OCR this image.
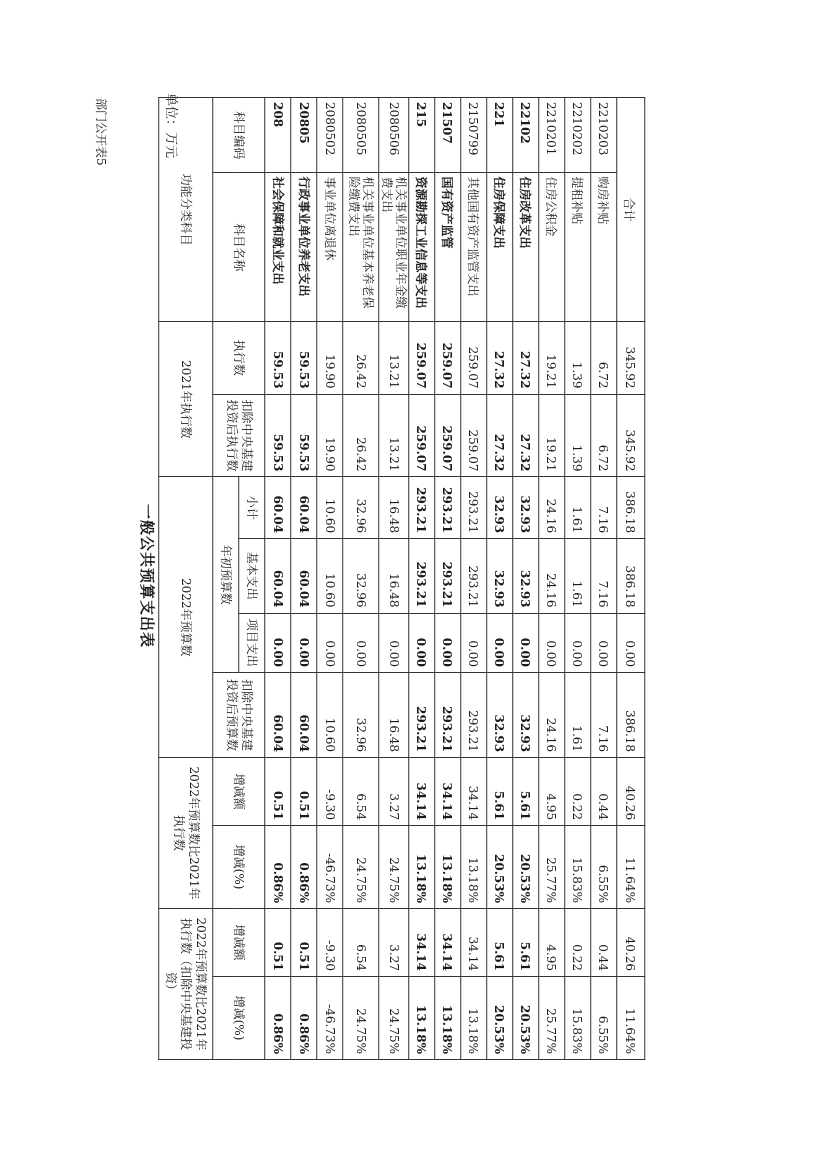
部门公开表5
一般公共预算支出表
单位：万元
功能分类科目		2021年执行数		2022年预算数				2022年预算数比2021年执行数		2022年预算数比2021年执行数（扣除中央基建投资）	
科目编码	科目名称	执行数	扣除中央基建投资后执行数	年初预算数			扣除中央基建投资后预算数	增减额	增减(%)	增减额	增减(%)
				小计	基本支出	项目支出					
208	社会保障和就业支出	59.53	59.53	60.04	60.04	0.00	60.04	0.51	0.86%	0.51	0.86%
20805	行政事业单位养老支出	59.53	59.53	60.04	60.04	0.00	60.04	0.51	0.86%	0.51	0.86%
2080502	事业单位离退休	19.90	19.90	10.60	10.60	0.00	10.60	-9.30	-46.73%	-9.30	-46.73%
2080505	机关事业单位基本养老保险缴费支出	26.42	26.42	32.96	32.96	0.00	32.96	6.54	24.75%	6.54	24.75%
2080506	机关事业单位职业年金缴费支出	13.21	13.21	16.48	16.48	0.00	16.48	3.27	24.75%	3.27	24.75%
215	资源勘探工业信息等支出	259.07	259.07	293.21	293.21	0.00	293.21	34.14	13.18%	34.14	13.18%
21507	国有资产监管	259.07	259.07	293.21	293.21	0.00	293.21	34.14	13.18%	34.14	13.18%
2150799	其他国有资产监管支出	259.07	259.07	293.21	293.21	0.00	293.21	34.14	13.18%	34.14	13.18%
221	住房保障支出	27.32	27.32	32.93	32.93	0.00	32.93	5.61	20.53%	5.61	20.53%
22102	住房改革支出	27.32	27.32	32.93	32.93	0.00	32.93	5.61	20.53%	5.61	20.53%
2210201	住房公积金	19.21	19.21	24.16	24.16	0.00	24.16	4.95	25.77%	4.95	25.77%
2210202	提租补贴	1.39	1.39	1.61	1.61	0.00	1.61	0.22	15.83%	0.22	15.83%
2210203	购房补贴	6.72	6.72	7.16	7.16	0.00	7.16	0.44	6.55%	0.44	6.55%
合计		345.92	345.92	386.18	386.18	0.00	386.18	40.26	11.64%	40.26	11.64%
